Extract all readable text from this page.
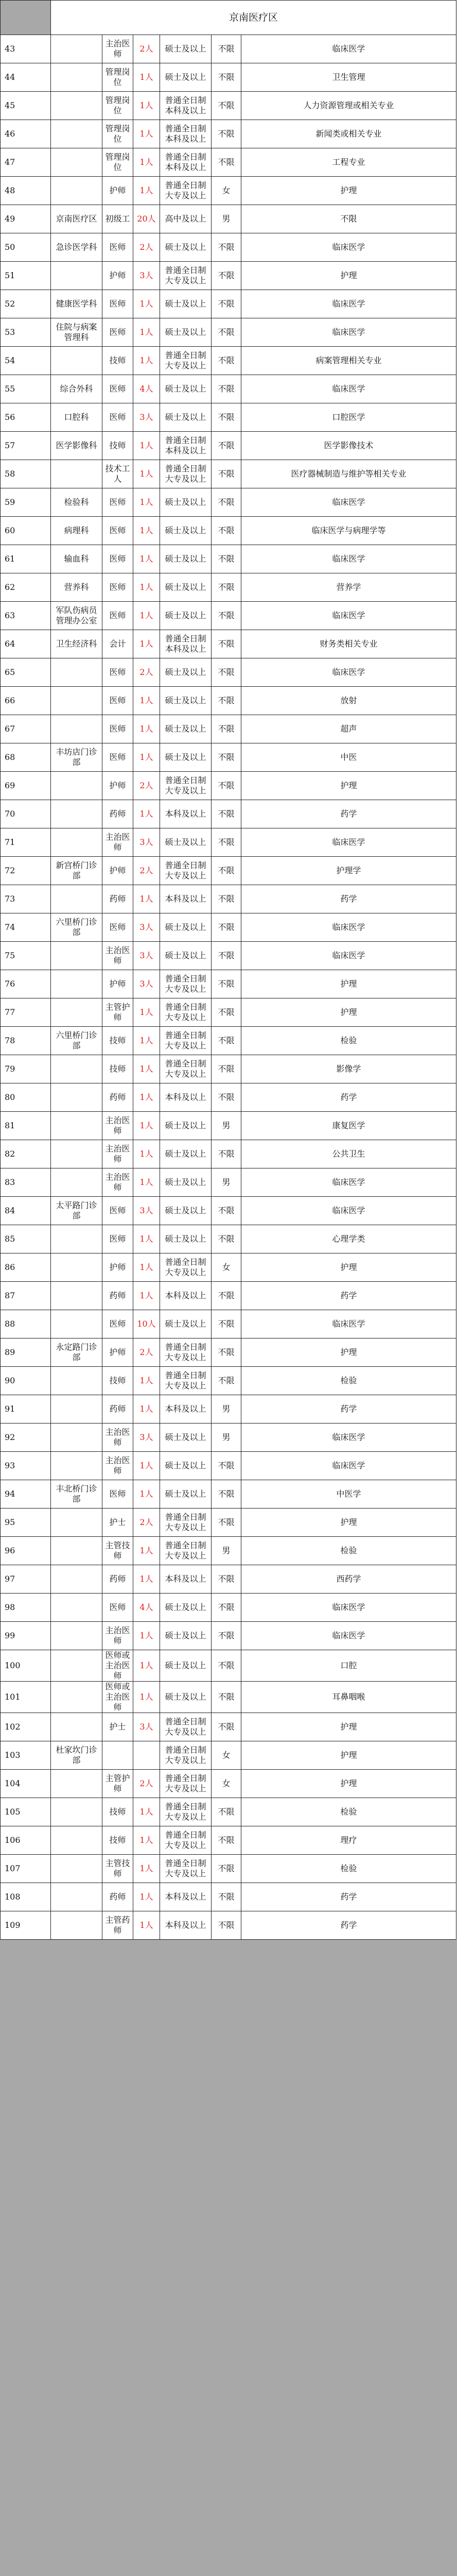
	京南医疗区					
43		主治医师	2人	硕士及以上	不限	临床医学
44		管理岗位	1人	硕士及以上	不限	卫生管理
45		管理岗位	1人	普通全日制本科及以上	不限	人力资源管理或相关专业
46		管理岗位	1人	普通全日制本科及以上	不限	新闻类或相关专业
47		管理岗位	1人	普通全日制本科及以上	不限	工程专业
48		护师	1人	普通全日制大专及以上	女	护理
49	京南医疗区	初级工	20人	高中及以上	男	不限
50	急诊医学科	医师	2人	硕士及以上	不限	临床医学
51		护师	3人	普通全日制大专及以上	不限	护理
52	健康医学科	医师	1人	硕士及以上	不限	临床医学
53	住院与病案管理科	医师	1人	硕士及以上	不限	临床医学
54		技师	1人	普通全日制大专及以上	不限	病案管理相关专业
55	综合外科	医师	4人	硕士及以上	不限	临床医学
56	口腔科	医师	3人	硕士及以上	不限	口腔医学
57	医学影像科	技师	1人	普通全日制本科及以上	不限	医学影像技术
58		技术工人	1人	普通全日制大专及以上	不限	医疗器械制造与维护等相关专业
59	检验科	医师	1人	硕士及以上	不限	临床医学
60	病理科	医师	1人	硕士及以上	不限	临床医学与病理学等
61	输血科	医师	1人	硕士及以上	不限	临床医学
62	营养科	医师	1人	硕士及以上	不限	营养学
63	军队伤病员管理办公室	医师	1人	硕士及以上	不限	临床医学
64	卫生经济科	会计	1人	普通全日制本科及以上	不限	财务类相关专业
65		医师	2人	硕士及以上	不限	临床医学
66		医师	1人	硕士及以上	不限	放射
67		医师	1人	硕士及以上	不限	超声
68	丰坊店门诊部	医师	1人	硕士及以上	不限	中医
69		护师	2人	普通全日制大专及以上	不限	护理
70		药师	1人	本科及以上	不限	药学
71		主治医师	3人	硕士及以上	不限	临床医学
72	新宫桥门诊部	护师	2人	普通全日制大专及以上	不限	护理学
73		药师	1人	本科及以上	不限	药学
74	六里桥门诊部	医师	3人	硕士及以上	不限	临床医学
75		主治医师	3人	硕士及以上	不限	临床医学
76		护师	3人	普通全日制大专及以上	不限	护理
77		主管护师	1人	普通全日制大专及以上	不限	护理
78	六里桥门诊部	技师	1人	普通全日制大专及以上	不限	检验
79		技师	1人	普通全日制大专及以上	不限	影像学
80		药师	1人	本科及以上	不限	药学
81		主治医师	1人	硕士及以上	男	康复医学
82		主治医师	1人	硕士及以上	不限	公共卫生
83		主治医师	1人	硕士及以上	男	临床医学
84	太平路门诊部	医师	3人	硕士及以上	不限	临床医学
85		医师	1人	硕士及以上	不限	心理学类
86		护师	1人	普通全日制大专及以上	女	护理
87		药师	1人	本科及以上	不限	药学
88		医师	10人	硕士及以上	不限	临床医学
89	永定路门诊部	护师	2人	普通全日制大专及以上	不限	护理
90		技师	1人	普通全日制大专及以上	不限	检验
91		药师	1人	本科及以上	男	药学
92		主治医师	3人	硕士及以上	男	临床医学
93		主治医师	1人	硕士及以上	不限	临床医学
94	丰北桥门诊部	医师	1人	硕士及以上	不限	中医学
95		护士	2人	普通全日制大专及以上	不限	护理
96		主管技师	1人	普通全日制大专及以上	男	检验
97		药师	1人	本科及以上	不限	西药学
98		医师	4人	硕士及以上	不限	临床医学
99		主治医师	1人	硕士及以上	不限	临床医学
100		医师或主治医师	1人	硕士及以上	不限	口腔
101		医师或主治医师	1人	硕士及以上	不限	耳鼻咽喉
102		护士	3人	普通全日制大专及以上	不限	护理
103	杜家坎门诊部			普通全日制大专及以上	女	护理
104		主管护师	2人	普通全日制大专及以上	女	护理
105		技师	1人	普通全日制大专及以上	不限	检验
106		技师	1人	普通全日制大专及以上	不限	理疗
107		主管技师	1人	普通全日制大专及以上	不限	检验
108		药师	1人	本科及以上	不限	药学
109		主管药师	1人	本科及以上	不限	药学
